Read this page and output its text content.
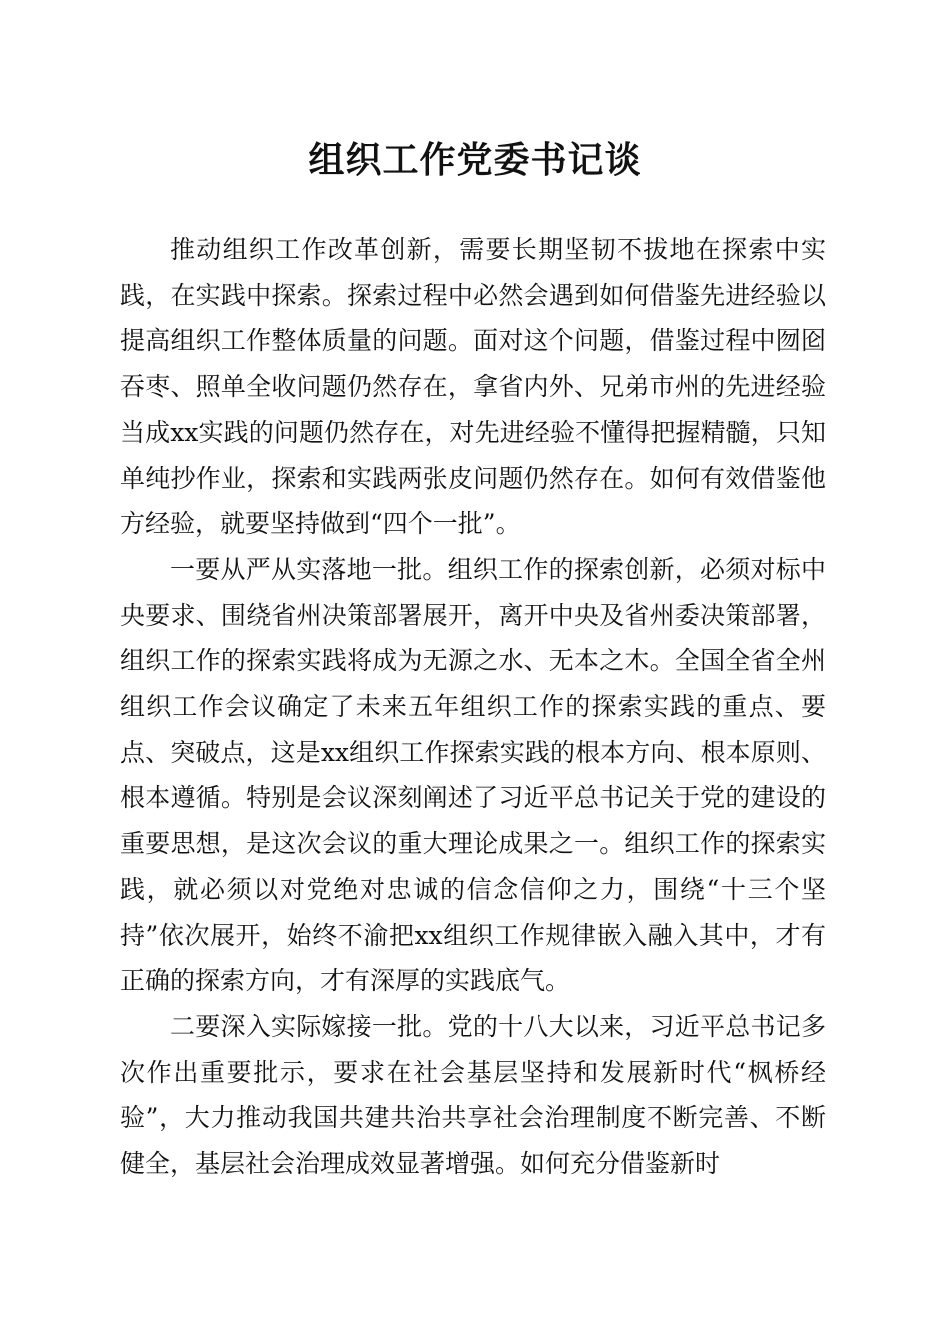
组织工作党委书记谈

推动组织工作改革创新，需要长期坚韧不拔地在探索中实践，在实践中探索。探索过程中必然会遇到如何借鉴先进经验以提高组织工作整体质量的问题。面对这个问题，借鉴过程中囫囵吞枣、照单全收问题仍然存在，拿省内外、兄弟市州的先进经验当成xx实践的问题仍然存在，对先进经验不懂得把握精髓，只知单纯抄作业，探索和实践两张皮问题仍然存在。如何有效借鉴他方经验，就要坚持做到“四个一批”。

一要从严从实落地一批。组织工作的探索创新，必须对标中央要求、围绕省州决策部署展开，离开中央及省州委决策部署，组织工作的探索实践将成为无源之水、无本之木。全国全省全州组织工作会议确定了未来五年组织工作的探索实践的重点、要点、突破点，这是xx组织工作探索实践的根本方向、根本原则、根本遵循。特别是会议深刻阐述了习近平总书记关于党的建设的重要思想，是这次会议的重大理论成果之一。组织工作的探索实践，就必须以对党绝对忠诚的信念信仰之力，围绕“十三个坚持”依次展开，始终不渝把xx组织工作规律嵌入融入其中，才有正确的探索方向，才有深厚的实践底气。

二要深入实际嫁接一批。党的十八大以来，习近平总书记多次作出重要批示，要求在社会基层坚持和发展新时代“枫桥经验”，大力推动我国共建共治共享社会治理制度不断完善、不断健全，基层社会治理成效显著增强。如何充分借鉴新时
